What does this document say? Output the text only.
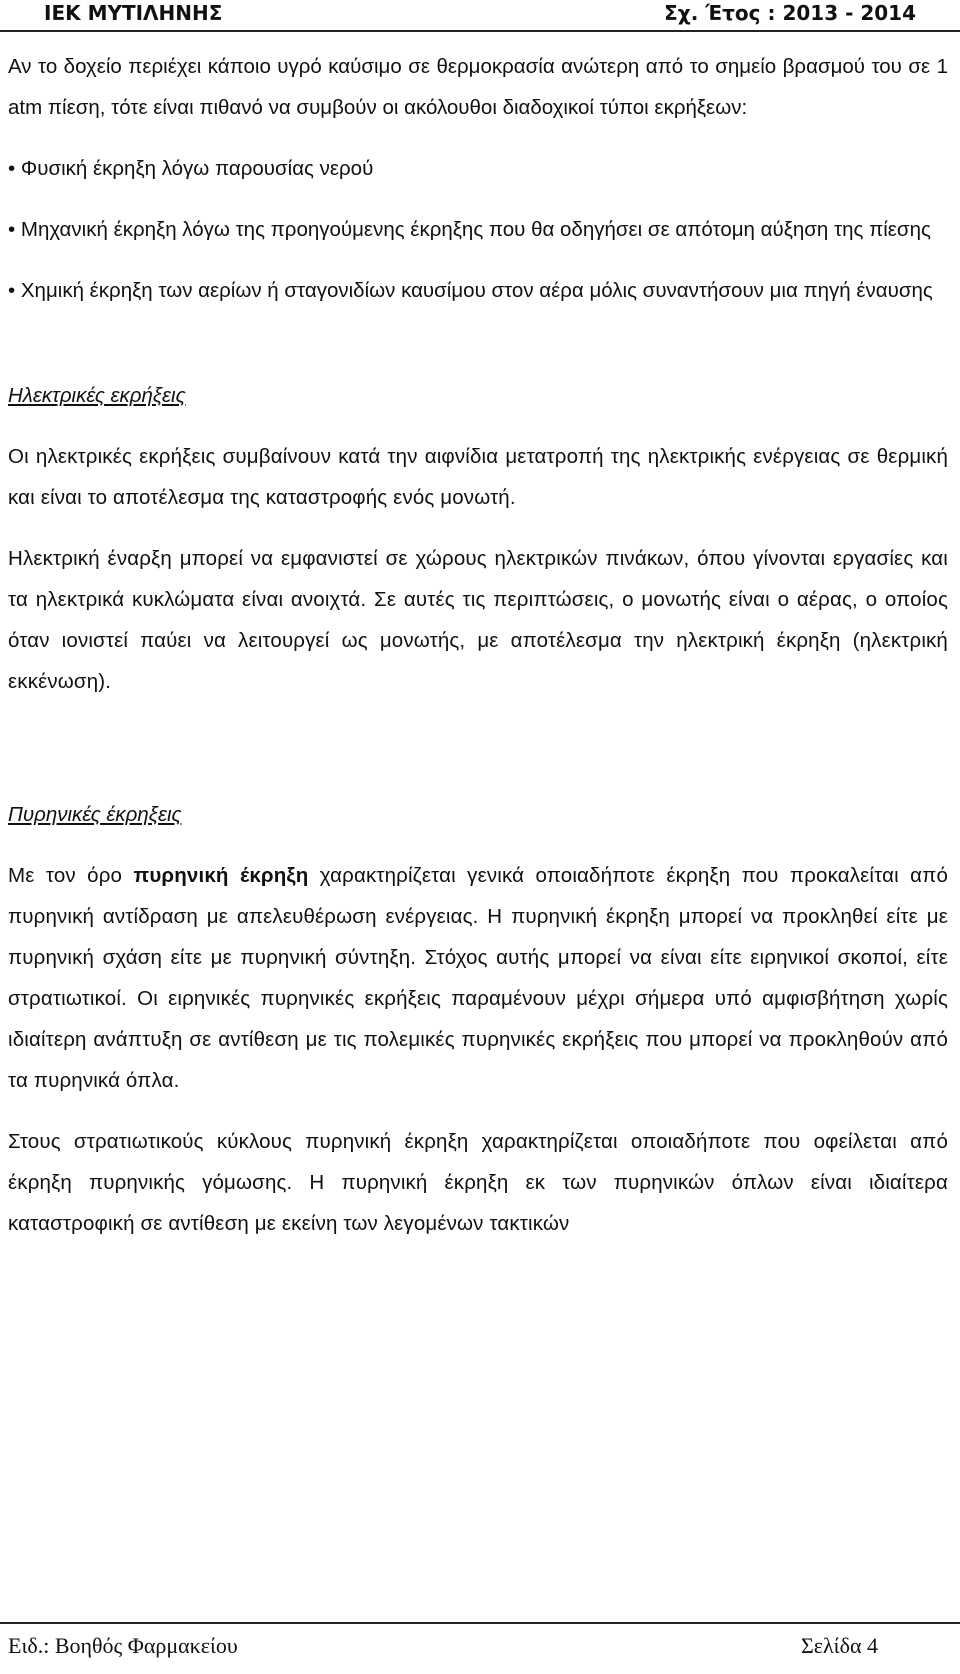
ΙΕΚ ΜΥΤΙΛΗΝΗΣ	Σχ. Έτος : 2013 - 2014

Αν το δοχείο περιέχει κάποιο υγρό καύσιμο σε θερμοκρασία ανώτερη από το σημείο βρασμού του σε 1 atm πίεση, τότε είναι πιθανό να συμβούν οι ακόλουθοι διαδοχικοί τύποι εκρήξεων:

• Φυσική έκρηξη λόγω παρουσίας νερού

• Μηχανική έκρηξη λόγω της προηγούμενης έκρηξης που θα οδηγήσει σε απότομη αύξηση της πίεσης

• Χημική έκρηξη των αερίων ή σταγονιδίων καυσίμου στον αέρα μόλις συναντήσουν μια πηγή έναυσης

Ηλεκτρικές εκρήξεις

Οι ηλεκτρικές εκρήξεις συμβαίνουν κατά την αιφνίδια μετατροπή της ηλεκτρικής ενέργειας σε θερμική και είναι το αποτέλεσμα της καταστροφής ενός μονωτή.

Ηλεκτρική έναρξη μπορεί να εμφανιστεί σε χώρους ηλεκτρικών πινάκων, όπου γίνονται εργασίες και τα ηλεκτρικά κυκλώματα είναι ανοιχτά. Σε αυτές τις περιπτώσεις, ο μονωτής είναι ο αέρας, ο οποίος όταν ιονιστεί παύει να λειτουργεί ως μονωτής, με αποτέλεσμα την ηλεκτρική έκρηξη (ηλεκτρική εκκένωση).

Πυρηνικές έκρηξεις

Με τον όρο πυρηνική έκρηξη χαρακτηρίζεται γενικά οποιαδήποτε έκρηξη που προκαλείται από πυρηνική αντίδραση με απελευθέρωση ενέργειας. Η πυρηνική έκρηξη μπορεί να προκληθεί είτε με πυρηνική σχάση είτε με πυρηνική σύντηξη. Στόχος αυτής μπορεί να είναι είτε ειρηνικοί σκοποί, είτε στρατιωτικοί. Οι ειρηνικές πυρηνικές εκρήξεις παραμένουν μέχρι σήμερα υπό αμφισβήτηση χωρίς ιδιαίτερη ανάπτυξη σε αντίθεση με τις πολεμικές πυρηνικές εκρήξεις που μπορεί να προκληθούν από τα πυρηνικά όπλα.

Στους στρατιωτικούς κύκλους πυρηνική έκρηξη χαρακτηρίζεται οποιαδήποτε που οφείλεται από έκρηξη πυρηνικής γόμωσης. Η πυρηνική έκρηξη εκ των πυρηνικών όπλων είναι ιδιαίτερα καταστροφική σε αντίθεση με εκείνη των λεγομένων τακτικών

Ειδ.: Βοηθός Φαρμακείου	Σελίδα 4
